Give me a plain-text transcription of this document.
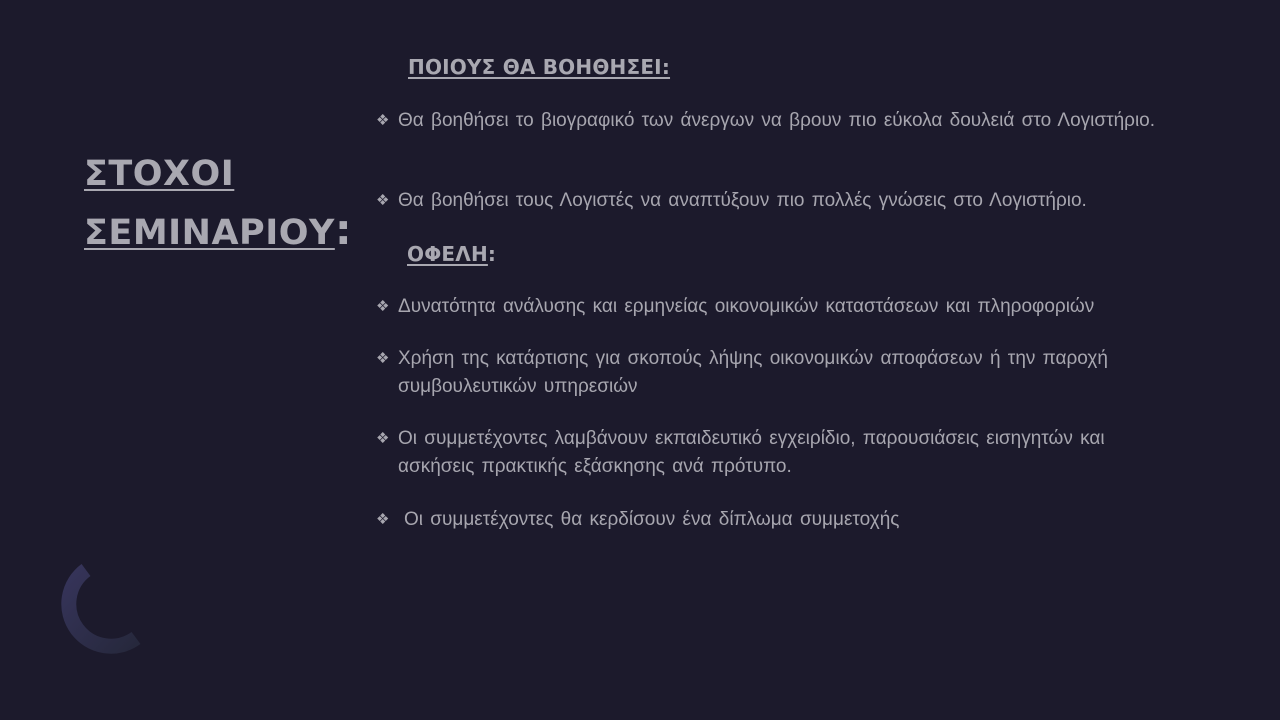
ΣΤΟΧΟΙ
ΣΕΜΙΝΑΡΙΟΥ:
ΠΟΙΟΥΣ ΘΑ ΒΟΗΘΗΣΕΙ:
❖ Θα βοηθήσει το βιογραφικό των άνεργων να βρουν πιο εύκολα δουλειά στο Λογιστήριο.
❖ Θα βοηθήσει τους Λογιστές να αναπτύξουν πιο πολλές γνώσεις στο Λογιστήριο.
ΟΦΕΛΗ:
❖ Δυνατότητα ανάλυσης και ερμηνείας οικονομικών καταστάσεων και πληροφοριών
❖ Χρήση της κατάρτισης για σκοπούς λήψης οικονομικών αποφάσεων ή την παροχή συμβουλευτικών υπηρεσιών
❖ Οι συμμετέχοντες λαμβάνουν εκπαιδευτικό εγχειρίδιο, παρουσιάσεις εισηγητών και ασκήσεις πρακτικής εξάσκησης ανά πρότυπο.
❖ Οι συμμετέχοντες θα κερδίσουν ένα δίπλωμα συμμετοχής
